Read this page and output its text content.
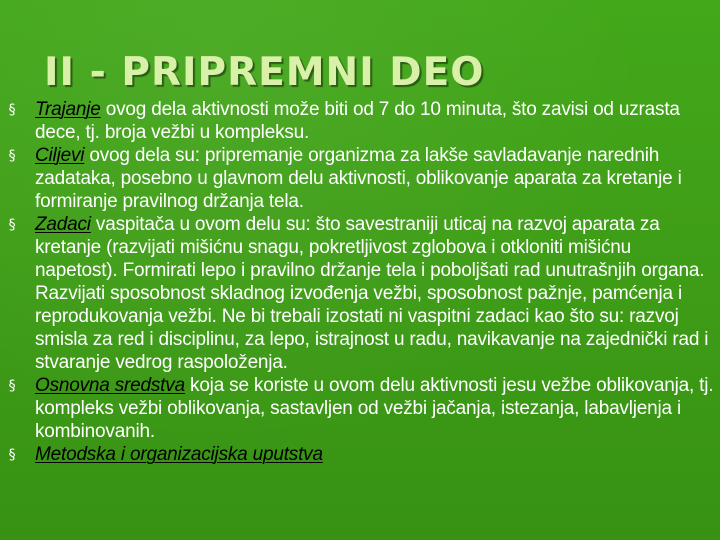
II - PRIPREMNI DEO
§ Trajanje ovog dela aktivnosti može biti od 7 do 10 minuta, što zavisi od uzrasta dece, tj. broja vežbi u kompleksu.
§ Ciljevi ovog dela su: pripremanje organizma za lakše savladavanje narednih zadataka, posebno u glavnom delu aktivnosti, oblikovanje aparata za kretanje i formiranje pravilnog držanja tela.
§ Zadaci vaspitača u ovom delu su: što savestraniji uticaj na razvoj aparata za kretanje (razvijati mišićnu snagu, pokretljivost zglobova i otkloniti mišićnu napetost). Formirati lepo i pravilno držanje tela i poboljšati rad unutrašnjih organa. Razvijati sposobnost skladnog izvođenja vežbi, sposobnost pažnje, pamćenja i reprodukovanja vežbi. Ne bi trebali izostati ni vaspitni zadaci kao što su: razvoj smisla za red i disciplinu, za lepo, istrajnost u radu, navikavanje na zajednički rad i stvaranje vedrog raspoloženja.
§ Osnovna sredstva koja se koriste u ovom delu aktivnosti jesu vežbe oblikovanja, tj. kompleks vežbi oblikovanja, sastavljen od vežbi jačanja, istezanja, labavljenja i kombinovanih.
§ Metodska i organizacijska uputstva
